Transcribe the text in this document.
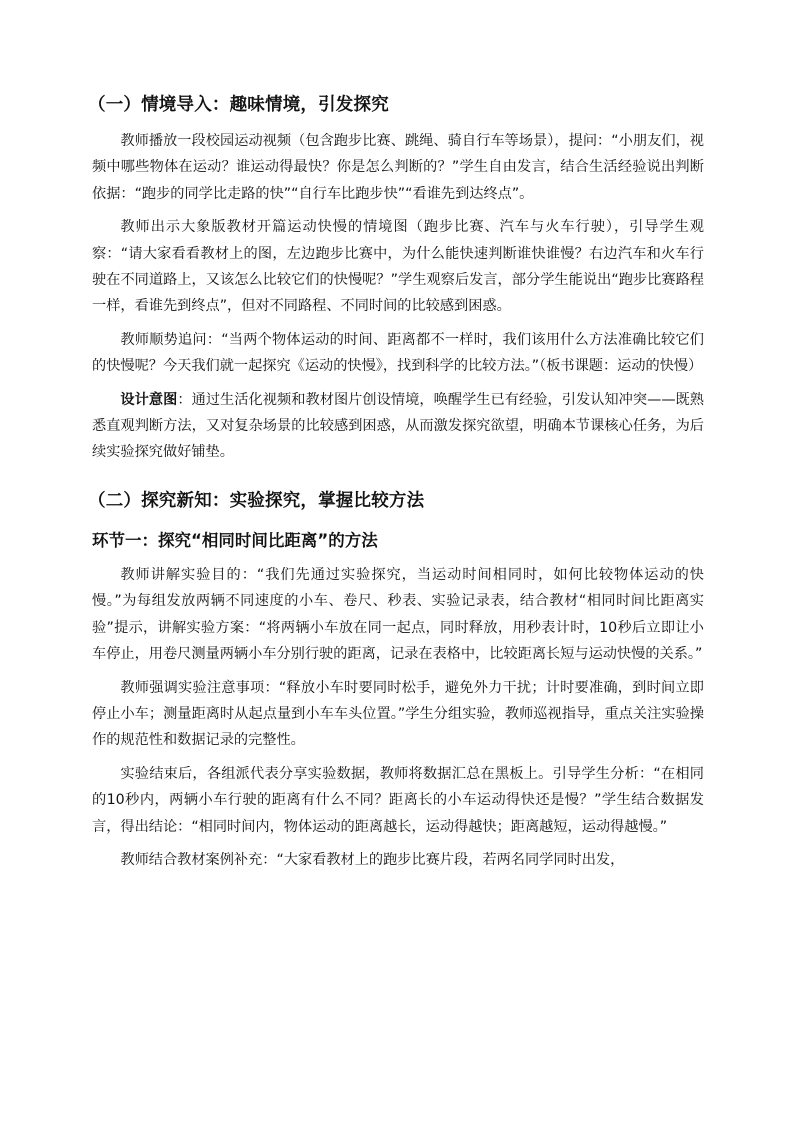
（一）情境导入：趣味情境，引发探究

教师播放一段校园运动视频（包含跑步比赛、跳绳、骑自行车等场景），提问：“小朋友们，视频中哪些物体在运动？谁运动得最快？你是怎么判断的？”学生自由发言，结合生活经验说出判断依据：“跑步的同学比走路的快”“自行车比跑步快”“看谁先到达终点”。

教师出示大象版教材开篇运动快慢的情境图（跑步比赛、汽车与火车行驶），引导学生观察：“请大家看看教材上的图，左边跑步比赛中，为什么能快速判断谁快谁慢？右边汽车和火车行驶在不同道路上，又该怎么比较它们的快慢呢？”学生观察后发言，部分学生能说出“跑步比赛路程一样，看谁先到终点”，但对不同路程、不同时间的比较感到困惑。

教师顺势追问：“当两个物体运动的时间、距离都不一样时，我们该用什么方法准确比较它们的快慢呢？今天我们就一起探究《运动的快慢》，找到科学的比较方法。”（板书课题：运动的快慢）

设计意图：通过生活化视频和教材图片创设情境，唤醒学生已有经验，引发认知冲突——既熟悉直观判断方法，又对复杂场景的比较感到困惑，从而激发探究欲望，明确本节课核心任务，为后续实验探究做好铺垫。

（二）探究新知：实验探究，掌握比较方法
环节一：探究“相同时间比距离”的方法

教师讲解实验目的：“我们先通过实验探究，当运动时间相同时，如何比较物体运动的快慢。”为每组发放两辆不同速度的小车、卷尺、秒表、实验记录表，结合教材“相同时间比距离实验”提示，讲解实验方案：“将两辆小车放在同一起点，同时释放，用秒表计时，10秒后立即让小车停止，用卷尺测量两辆小车分别行驶的距离，记录在表格中，比较距离长短与运动快慢的关系。”

教师强调实验注意事项：“释放小车时要同时松手，避免外力干扰；计时要准确，到时间立即停止小车；测量距离时从起点量到小车车头位置。”学生分组实验，教师巡视指导，重点关注实验操作的规范性和数据记录的完整性。

实验结束后，各组派代表分享实验数据，教师将数据汇总在黑板上。引导学生分析：“在相同的10秒内，两辆小车行驶的距离有什么不同？距离长的小车运动得快还是慢？”学生结合数据发言，得出结论：“相同时间内，物体运动的距离越长，运动得越快；距离越短，运动得越慢。”

教师结合教材案例补充：“大家看教材上的跑步比赛片段，若两名同学同时出发，
